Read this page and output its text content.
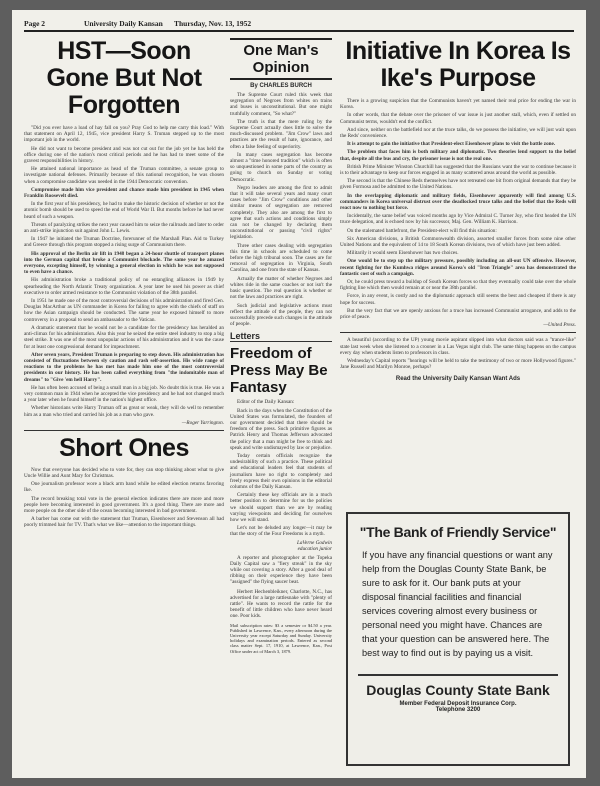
Page 2	University Daily Kansan Thursday, Nov. 13, 1952
HST—Soon Gone But Not Forgotten

"Did you ever have a load of hay fall on you? Pray God to help me carry this load." With that statement on April 12, 1945, vice president Harry S. Truman stepped up to the most important job in the world.

He did not want to become president and was not cut out for the job yet he has held the office during one of the nation's most critical periods and he has had to meet some of the gravest responsibilities in history.

He attained national importance as head of the Truman committee, a senate group to investigate national defenses. Primarily because of this national recognition, he was chosen when a compromise candidate was needed in the 1944 Democratic convention.

Compromise made him vice president and chance made him president in 1945 when Franklin Roosevelt died.

In the first year of his presidency, he had to make the historic decision of whether or not the atomic bomb should be used to speed the end of World War II. But months before he had never heard of such a weapon.

Threats of paralyzing strikes the next year caused him to seize the railroads and later to order an anti-strike injunction suit against John L. Lewis.

In 1947 he initiated the Truman Doctrine, forerunner of the Marshall Plan. Aid to Turkey and Greece through this program stopped a rising surge of Communism there.

His approval of the Berlin air lift in 1948 began a 24-hour shuttle of transport planes into the German capital that broke a Communist blockade. The same year he amazed everyone, excepting himself, by winning a general election in which he was not supposed to even have a chance.

His administration broke a traditional policy of no entangling alliances in 1949 by spearheading the North Atlantic Treaty organization. A year later he used his power as chief executive to order armed resistance to the Communist violation of the 38th parallel.

In 1951 he made one of the most controversial decisions of his administration and fired Gen. Douglas MacArthur as UN commander in Korea for failing to agree with the chiefs of staff on how the Asian campaign should be conducted. The same year he exposed himself to more controversy in a proposal to send an ambassador to the Vatican.

A dramatic statement that he would not be a candidate for the presidency has heralded an anti-climax for his administration. Also this year he seized the entire steel industry to stop a big steel strike. It was one of the most unpopular actions of his administration and it was the cause for at least one congressional demand for impeachment.

After seven years, President Truman is preparing to step down. His administration has consisted of fluctuations between sly caution and rash self-assertion. His wide range of reactions to the problems he has met has made him one of the most controversial presidents in our history. He has been called everything from "the indomitable man of dreams" to "Give 'em hell Harry".

He has often been accused of being a small man in a big job. No doubt this is true. He was a very common man in 1944 when he accepted the vice presidency and he had not changed much a year later when he found himself in the nation's highest office.

Whether historians write Harry Truman off as great or weak, they will do well to remember him as a man who tried and carried his job as a man who gave.

—Roger Yarrington.
Short Ones

Now that everyone has decided who to vote for, they can stop thinking about what to give Uncle Willie and Aunt Mary for Christmas.

One journalism professor wore a black arm band while he edited election returns favoring Ike.

The record breaking total vote in the general election indicates there are more and more people here becoming interested in good government. It's a good thing. There are more and more people on the other side of the ocean becoming interested in bad government.

A barber has come out with the statement that Truman, Eisenhower and Stevenson all had poorly trimmed hair for TV. That's what we like—attention to the important things.

One Man's Opinion
By CHARLES BURCH

The Supreme Court ruled this week that segregation of Negroes from whites on trains and buses is unconstitutional. But one might truthfully comment, "So what?"

The truth is that the mere ruling by the Supreme Court actually does little to solve the much-discussed problem. "Jim Crow" laws and practices are the result of hate, ignorance, and often a false feeling of superiority.

In many cases segregation has become almost a "time honored tradition" which is often so unquestioned in some parts of the country as going to church on Sunday or voting Democratic.

Negro leaders are among the first to admit that it will take several years and many court cases before "Jim Crow" conditions and other similar means of segregation are removed completely. They also are among the first to agree that such actions and conditions simply can not be changed by declaring them unconstitutional or passing "civil rights" legislation.

Three other cases dealing with segregation this time in schools are scheduled to come before the high tribunal soon. The cases are for removal of segregation in Virginia, South Carolina, and one from the state of Kansas.

Actually the matter of whether Negroes and whites ride in the same coaches or not isn't the basic question. The real question is whether or not the laws and practices are right.

Such judicial and legislative actions must reflect the attitude of the people, they can not successfully precede such changes in the attitude of people.

Letters
Freedom of Press May Be Fantasy

Editor of the Daily Kansan:

Back in the days when the Constitution of the United States was formulated, the founders of our government decided that there should be freedom of the press. Such primitive figures as Patrick Henry and Thomas Jefferson advocated the policy that a man might be free to think and speak and write undismayed by law or prejudice.

Today certain officials recognize the undesirability of such a practice. These political and educational leaders feel that students of journalism have no right to completely and freely express their own opinions in the editorial columns of the Daily Kansan.

Certainly these key officials are in a much better position to determine for us the policies we should support than we are by reading varying viewpoints and deciding for ourselves how we will stand.

Let's not be deluded any longer—it may be that the story of the Four Freedoms is a myth.

LaVerne Godwin
education junior

A reporter and photographer at the Topeka Daily Capital saw a "fiery streak" in the sky while out covering a story. After a good deal of ribbing on their experience they have been "assigned" the flying saucer beat.

Herbert Hechenbleikner, Charlotte, N.C., has advertised for a large rattlesnake with "plenty of rattle". He wants to record the rattle for the benefit of little children who have never heard one. Poor kids.

Mail subscription rates: $3 a semester or $4.50 a year. Published in Lawrence, Kan., every afternoon during the University year except Saturday and Sunday. University holidays and examination periods. Entered as second class matter Sept. 17, 1910, at Lawrence, Kan., Post Office under act of March 3, 1879.
Initiative In Korea Is Ike's Purpose

There is a growing suspicion that the Communists haven't yet named their real price for ending the war in Korea.

In other words, that the debate over the prisoner of war issue is just another stall, which, even if settled on Communist terms, wouldn't end the conflict.

And since, neither on the battlefield nor at the truce talks, do we possess the initiative, we will just wait upon the Reds' convenience.

It is attempt to gain the initiative that President-elect Eisenhower plans to visit the battle zone.

The problem that faces him is both military and diplomatic. Two theories lend support to the belief that, despite all the bus and cry, the prisoner issue is not the real one.

British Prime Minister Winston Churchill has suggested that the Russians want the war to continue because it is to their advantage to keep our forces engaged in as many scattered areas around the world as possible.

The second is that the Chinese Reds themselves have not retreated one bit from original demands that they be given Formosa and be admitted to the United Nations.

In the overlapping diplomatic and military fields, Eisenhower apparently will find among U.S. commanders in Korea universal distrust over the deadlocked truce talks and the belief that the Reds will react now to nothing but force.

Incidentally, the same belief was voiced months ago by Vice Admiral C. Turner Joy, who first headed the UN truce delegation, and is echoed now by his successor, Maj. Gen. William K. Harrison.

On the stalemated battlefront, the President-elect will find this situation:

Six American divisions, a British Commonwealth division, assorted smaller forces from some nine other United Nations and the equivalent of 14 to 18 South Korean divisions, two of which have just been added.

Militarily it would seem Eisenhower has two choices.

One would be to step up the military pressure, possibly including an all-out UN offensive. However, recent fighting for the Kumhwa ridges around Korea's old "Iron Triangle" area has demonstrated the fantastic cost of such a campaign.

Or, he could press toward a buildup of South Korean forces so that they eventually could take over the whole fighting line which then would remain at or near the 38th parallel.

Force, in any event, is costly and so the diplomatic approach still seems the best and cheapest if there is any hope for success.

But the very fact that we are openly anxious for a truce has increased Communist arrogance, and adds to the price of peace.

—United Press.

A beautiful (according to the UP) young movie aspirant slipped into what doctors said was a "trance-like" state last week when she listened to a crooner in a Las Vegas night club. The same thing happens on the campus every day when students listen to professors in class.

Wednesday's Capital reports "hearings will be held to take the testimony of two or more Hollywood figures." Jane Russell and Marilyn Monroe, perhaps?

Read the University Daily Kansan Want Ads
"The Bank of Friendly Service"
If you have any financial questions or want any help from the Douglas County State Bank, be sure to ask for it. Our bank puts at your disposal financial facilities and financial services covering almost every business or personal need you might have. Chances are that your question can be answered here. The best way to find out is by paying us a visit.
Douglas County State Bank
Member Federal Deposit Insurance Corp.
Telephone 3200
